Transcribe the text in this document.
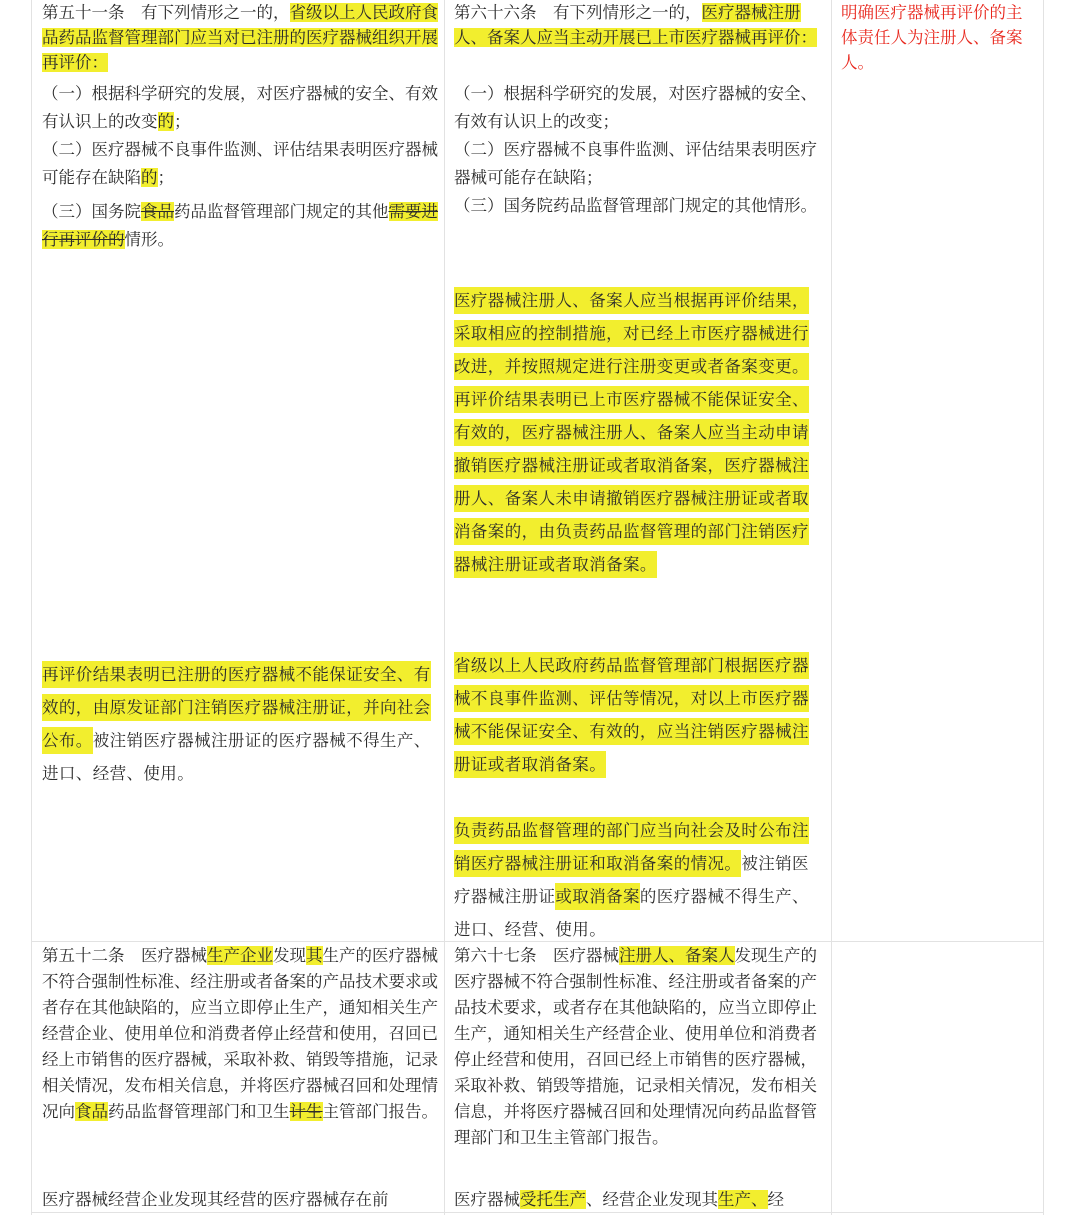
第五十一条　有下列情形之一的，省级以上人民政府食品药品监督管理部门应当对已注册的医疗器械组织开展再评价：

（一）根据科学研究的发展，对医疗器械的安全、有效有认识上的改变的；

（二）医疗器械不良事件监测、评估结果表明医疗器械可能存在缺陷的；

（三）国务院食品药品监督管理部门规定的其他需要进行再评价的情形。

再评价结果表明已注册的医疗器械不能保证安全、有效的，由原发证部门注销医疗器械注册证，并向社会公布。被注销医疗器械注册证的医疗器械不得生产、进口、经营、使用。

第六十六条　有下列情形之一的，医疗器械注册人、备案人应当主动开展已上市医疗器械再评价：

（一）根据科学研究的发展，对医疗器械的安全、有效有认识上的改变；

（二）医疗器械不良事件监测、评估结果表明医疗器械可能存在缺陷；

（三）国务院药品监督管理部门规定的其他情形。

医疗器械注册人、备案人应当根据再评价结果，采取相应的控制措施，对已经上市医疗器械进行改进，并按照规定进行注册变更或者备案变更。再评价结果表明已上市医疗器械不能保证安全、有效的，医疗器械注册人、备案人应当主动申请撤销医疗器械注册证或者取消备案，医疗器械注册人、备案人未申请撤销医疗器械注册证或者取消备案的，由负责药品监督管理的部门注销医疗器械注册证或者取消备案。

省级以上人民政府药品监督管理部门根据医疗器械不良事件监测、评估等情况，对以上市医疗器械不能保证安全、有效的，应当注销医疗器械注册证或者取消备案。

负责药品监督管理的部门应当向社会及时公布注销医疗器械注册证和取消备案的情况。被注销医疗器械注册证或取消备案的医疗器械不得生产、进口、经营、使用。

明确医疗器械再评价的主体责任人为注册人、备案人。

第五十二条　医疗器械生产企业发现其生产的医疗器械不符合强制性标准、经注册或者备案的产品技术要求或者存在其他缺陷的，应当立即停止生产，通知相关生产经营企业、使用单位和消费者停止经营和使用，召回已经上市销售的医疗器械，采取补救、销毁等措施，记录相关情况，发布相关信息，并将医疗器械召回和处理情况向食品药品监督管理部门和卫生计生主管部门报告。

医疗器械经营企业发现其经营的医疗器械存在前

第六十七条　医疗器械注册人、备案人发现生产的医疗器械不符合强制性标准、经注册或者备案的产品技术要求，或者存在其他缺陷的，应当立即停止生产，通知相关生产经营企业、使用单位和消费者停止经营和使用，召回已经上市销售的医疗器械，采取补救、销毁等措施，记录相关情况，发布相关信息，并将医疗器械召回和处理情况向药品监督管理部门和卫生主管部门报告。

医疗器械受托生产、经营企业发现其生产、经
